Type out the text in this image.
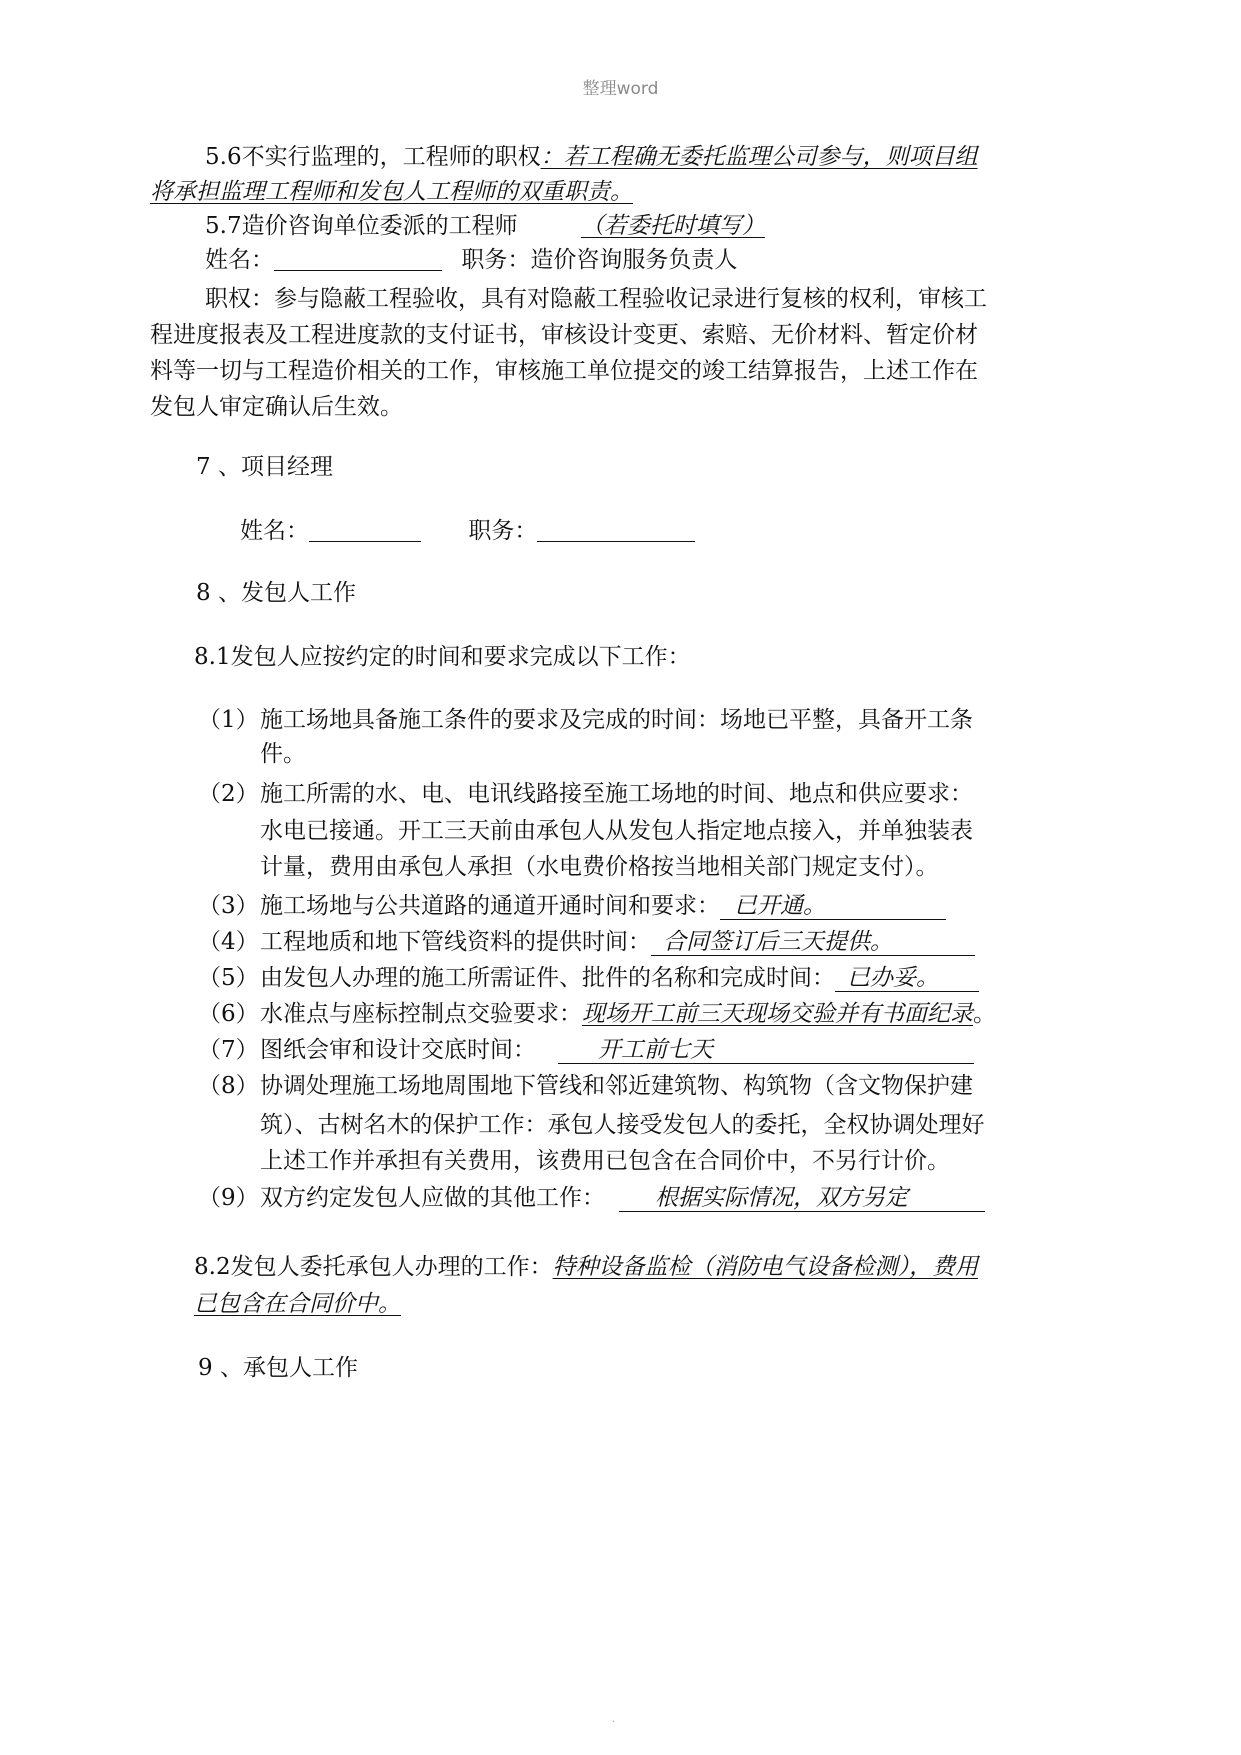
整理word
5.6不实行监理的，工程师的职权：若工程确无委托监理公司参与，则项目组
将承担监理工程师和发包人工程师的双重职责。
5.7造价咨询单位委派的工程师	（若委托时填写）
姓名：	职务：造价咨询服务负责人
职权：参与隐蔽工程验收，具有对隐蔽工程验收记录进行复核的权利，审核工
程进度报表及工程进度款的支付证书，审核设计变更、索赔、无价材料、暂定价材
料等一切与工程造价相关的工作，审核施工单位提交的竣工结算报告，上述工作在
发包人审定确认后生效。
7 、项目经理
姓名：	职务：
8 、发包人工作
8.1发包人应按约定的时间和要求完成以下工作：
（1） 施工场地具备施工条件的要求及完成的时间：场地已平整，具备开工条
件。
（2） 施工所需的水、电、电讯线路接至施工场地的时间、地点和供应要求：
水电已接通。开工三天前由承包人从发包人指定地点接入，并单独装表
计量，费用由承包人承担（水电费价格按当地相关部门规定支付）。
（3） 施工场地与公共道路的通道开通时间和要求： 已开通。
（4） 工程地质和地下管线资料的提供时间： 合同签订后三天提供。
（5） 由发包人办理的施工所需证件、批件的名称和完成时间： 已办妥。
（6） 水准点与座标控制点交验要求：现场开工前三天现场交验并有书面纪录。
（7） 图纸会审和设计交底时间：	开工前七天
（8） 协调处理施工场地周围地下管线和邻近建筑物、构筑物（含文物保护建
筑）、古树名木的保护工作：承包人接受发包人的委托，全权协调处理好
上述工作并承担有关费用，该费用已包含在合同价中，不另行计价。
（9） 双方约定发包人应做的其他工作： 根据实际情况，双方另定
8.2发包人委托承包人办理的工作：特种设备监检（消防电气设备检测），费用
已包含在合同价中。
9 、承包人工作
.
